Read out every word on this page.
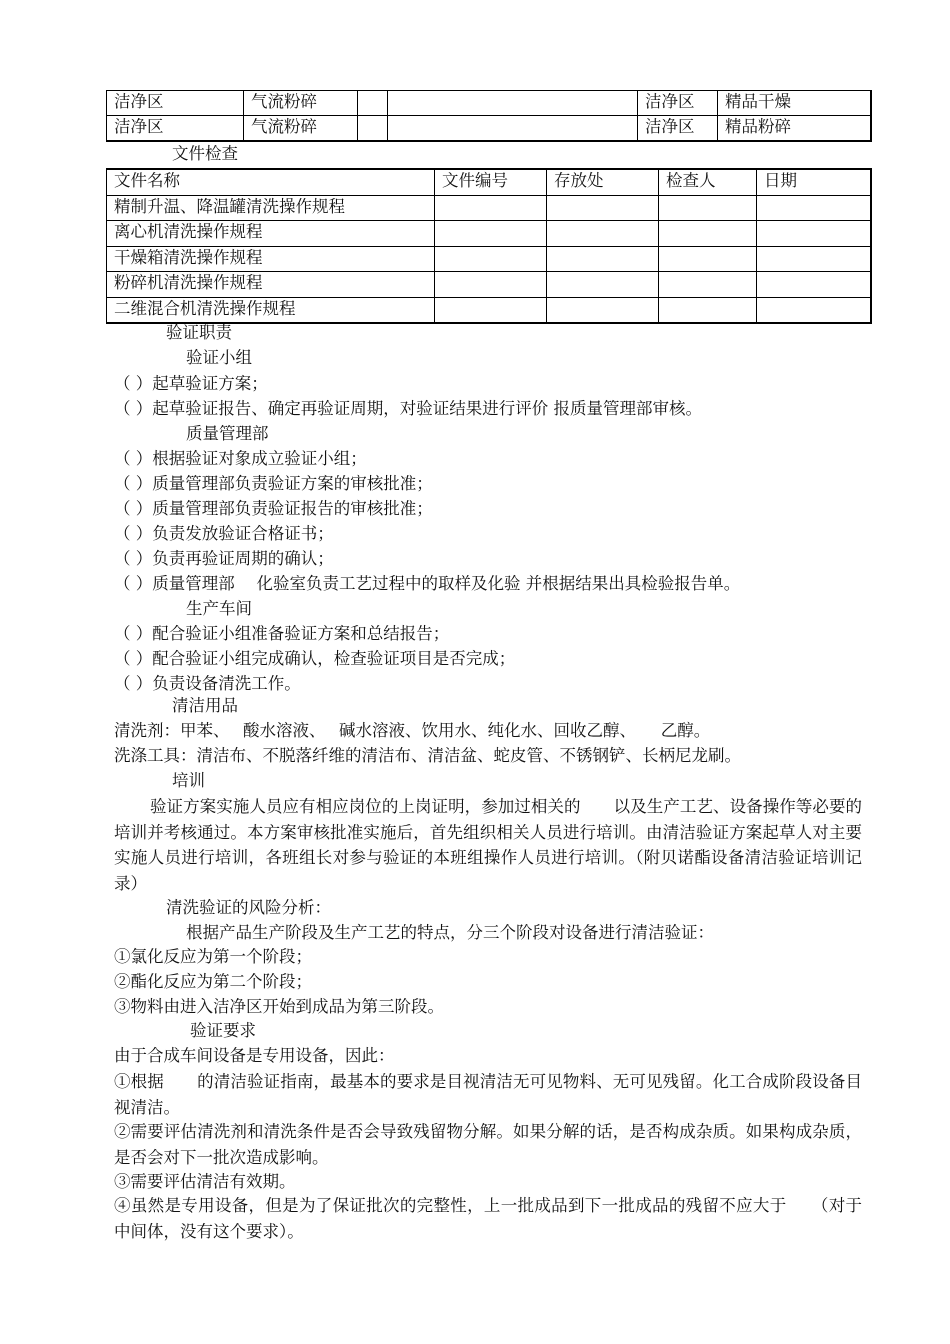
洁净区	气流粉碎			洁净区	精品干燥
洁净区	气流粉碎			洁净区	精品粉碎
文件检查
文件名称	文件编号	存放处	检查人	日期
精制升温、降温罐清洗操作规程				
离心机清洗操作规程				
干燥箱清洗操作规程				
粉碎机清洗操作规程				
二维混合机清洗操作规程				
验证职责
验证小组
（ ）起草验证方案；
（ ）起草验证报告、确定再验证周期，对验证结果进行评价 报质量管理部审核。
质量管理部
（ ）根据验证对象成立验证小组；
（ ）质量管理部负责验证方案的审核批准；
（ ）质量管理部负责验证报告的审核批准；
（ ）负责发放验证合格证书；
（ ）负责再验证周期的确认；
（ ）质量管理部　 化验室负责工艺过程中的取样及化验 并根据结果出具检验报告单。
生产车间
（ ）配合验证小组准备验证方案和总结报告；
（ ）配合验证小组完成确认，检查验证项目是否完成；
（ ）负责设备清洗工作。
清洁用品
清洗剂：甲苯、　 酸水溶液、　 碱水溶液、饮用水、纯化水、回收乙醇、　　乙醇。
洗涤工具：清洁布、不脱落纤维的清洁布、清洁盆、蛇皮管、不锈钢铲、长柄尼龙刷。
培训
验证方案实施人员应有相应岗位的上岗证明，参加过相关的　　以及生产工艺、设备操作等必要的培训并考核通过。本方案审核批准实施后，首先组织相关人员进行培训。由清洁验证方案起草人对主要实施人员进行培训，各班组长对参与验证的本班组操作人员进行培训。（附贝诺酯设备清洁验证培训记录）
清洗验证的风险分析：
根据产品生产阶段及生产工艺的特点，分三个阶段对设备进行清洁验证：
①氯化反应为第一个阶段；
②酯化反应为第二个阶段；
③物料由进入洁净区开始到成品为第三阶段。
验证要求
由于合成车间设备是专用设备，因此：
①根据　　的清洁验证指南，最基本的要求是目视清洁无可见物料、无可见残留。化工合成阶段设备目视清洁。
②需要评估清洗剂和清洗条件是否会导致残留物分解。如果分解的话，是否构成杂质。如果构成杂质，是否会对下一批次造成影响。
③需要评估清洁有效期。
④虽然是专用设备，但是为了保证批次的完整性，上一批成品到下一批成品的残留不应大于　　（对于中间体，没有这个要求）。
